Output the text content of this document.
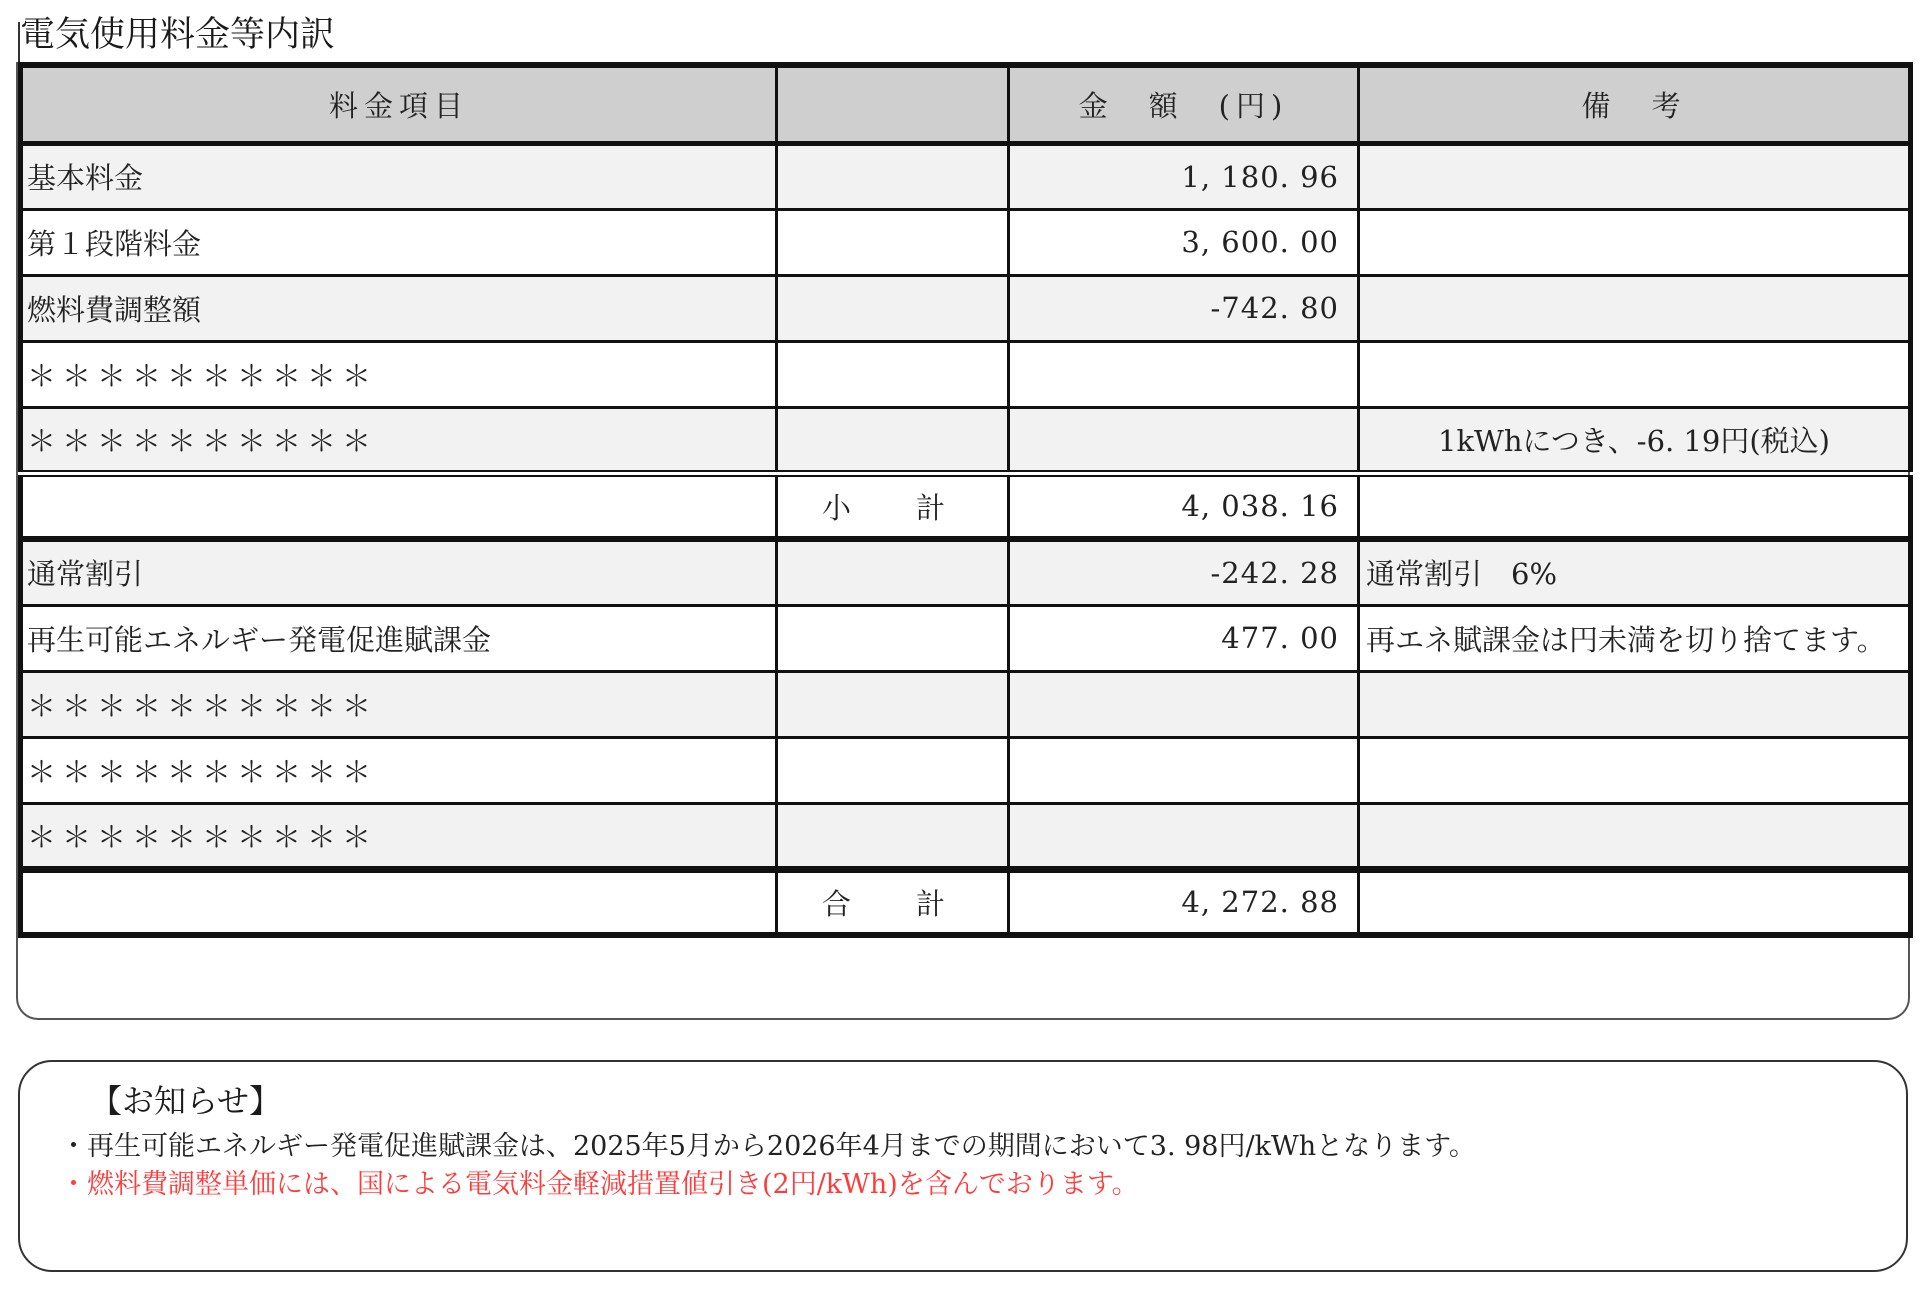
電気使用料金等内訳
料金項目		金　額　(円)	備　考
基本料金		1, 180. 96	
第１段階料金		3, 600. 00	
燃料費調整額		-742. 80	
＊＊＊＊＊＊＊＊＊＊			
＊＊＊＊＊＊＊＊＊＊			1kWhにつき、-6. 19円(税込)
	小　計	4, 038. 16	
通常割引		-242. 28	通常割引　6%
再生可能エネルギー発電促進賦課金		477. 00	再エネ賦課金は円未満を切り捨てます。
＊＊＊＊＊＊＊＊＊＊			
＊＊＊＊＊＊＊＊＊＊			
＊＊＊＊＊＊＊＊＊＊			
	合　計	4, 272. 88	
【お知らせ】
・再生可能エネルギー発電促進賦課金は、2025年5月から2026年4月までの期間において3. 98円/kWhとなります。
・燃料費調整単価には、国による電気料金軽減措置値引き(2円/kWh)を含んでおります。
